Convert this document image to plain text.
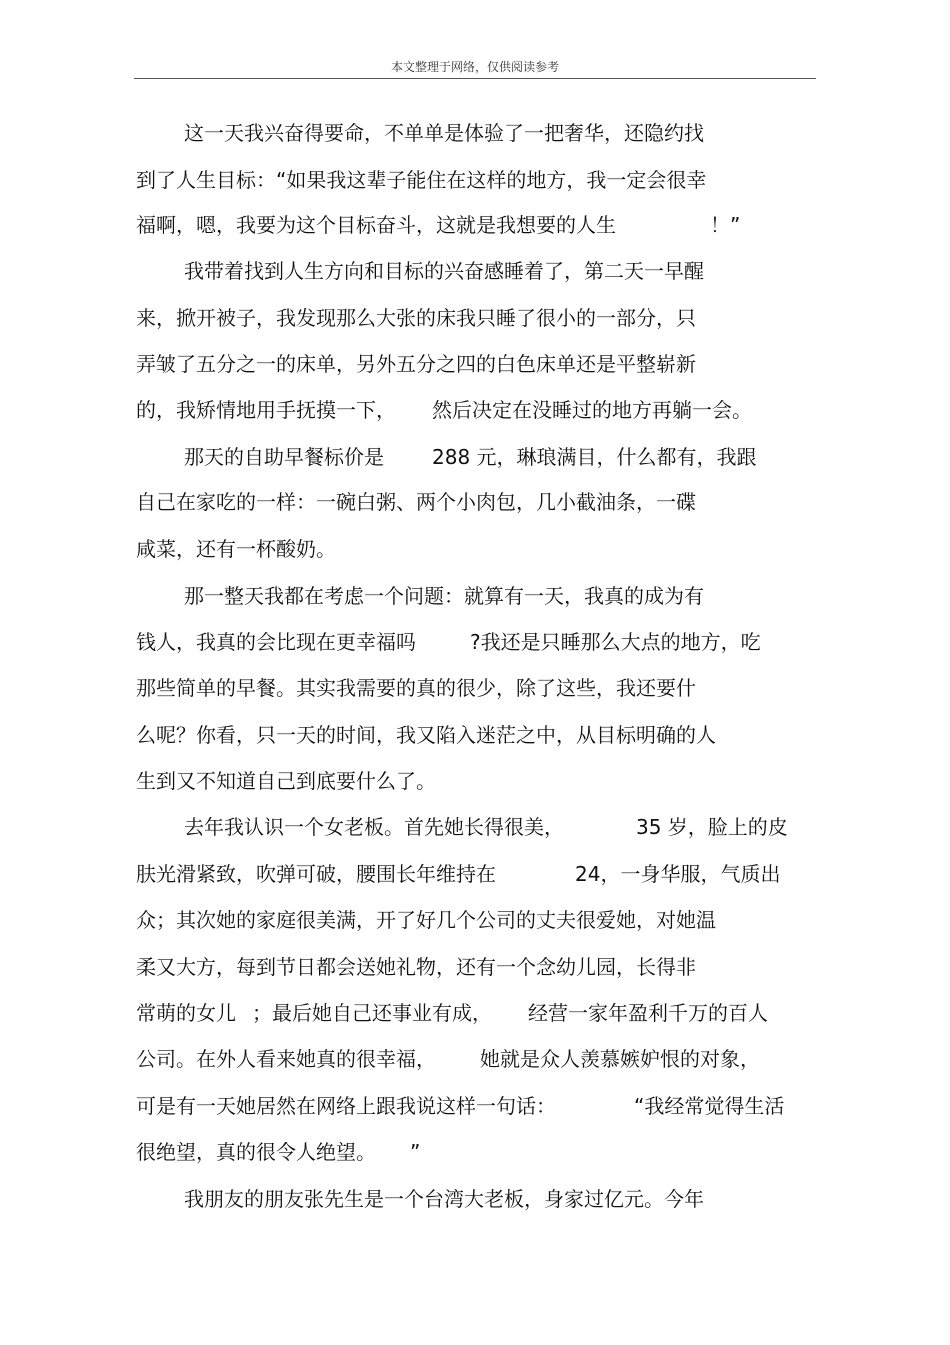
本文整理于网络，仅供阅读参考
这一天我兴奋得要命，不单单是体验了一把奢华，还隐约找
到了人生目标：“如果我这辈子能住在这样的地方，我一定会很幸
福啊，嗯，我要为这个目标奋斗，这就是我想要的人生	！”
我带着找到人生方向和目标的兴奋感睡着了，第二天一早醒
来，掀开被子，我发现那么大张的床我只睡了很小的一部分，只
弄皱了五分之一的床单，另外五分之四的白色床单还是平整崭新
的，我矫情地用手抚摸一下， 然后决定在没睡过的地方再躺一会。
那天的自助早餐标价是 288 元，琳琅满目，什么都有，我跟
自己在家吃的一样：一碗白粥、两个小肉包，几小截油条，一碟
咸菜，还有一杯酸奶。
那一整天我都在考虑一个问题：就算有一天，我真的成为有
钱人，我真的会比现在更幸福吗	?我还是只睡那么大点的地方，吃
那些简单的早餐。其实我需要的真的很少，除了这些，我还要什
么呢？你看，只一天的时间，我又陷入迷茫之中，从目标明确的人
生到又不知道自己到底要什么了。
去年我认识一个女老板。首先她长得很美，	35 岁，脸上的皮
肤光滑紧致，吹弹可破，腰围长年维持在	24，一身华服，气质出
众；其次她的家庭很美满，开了好几个公司的丈夫很爱她，对她温
柔又大方，每到节日都会送她礼物，还有一个念幼儿园，长得非
常萌的女儿 ；最后她自己还事业有成， 经营一家年盈利千万的百人
公司。在外人看来她真的很幸福， 她就是众人羡慕嫉妒恨的对象，
可是有一天她居然在网络上跟我说这样一句话：	“我经常觉得生活
很绝望，真的很令人绝望。 ”
我朋友的朋友张先生是一个台湾大老板，身家过亿元。今年
